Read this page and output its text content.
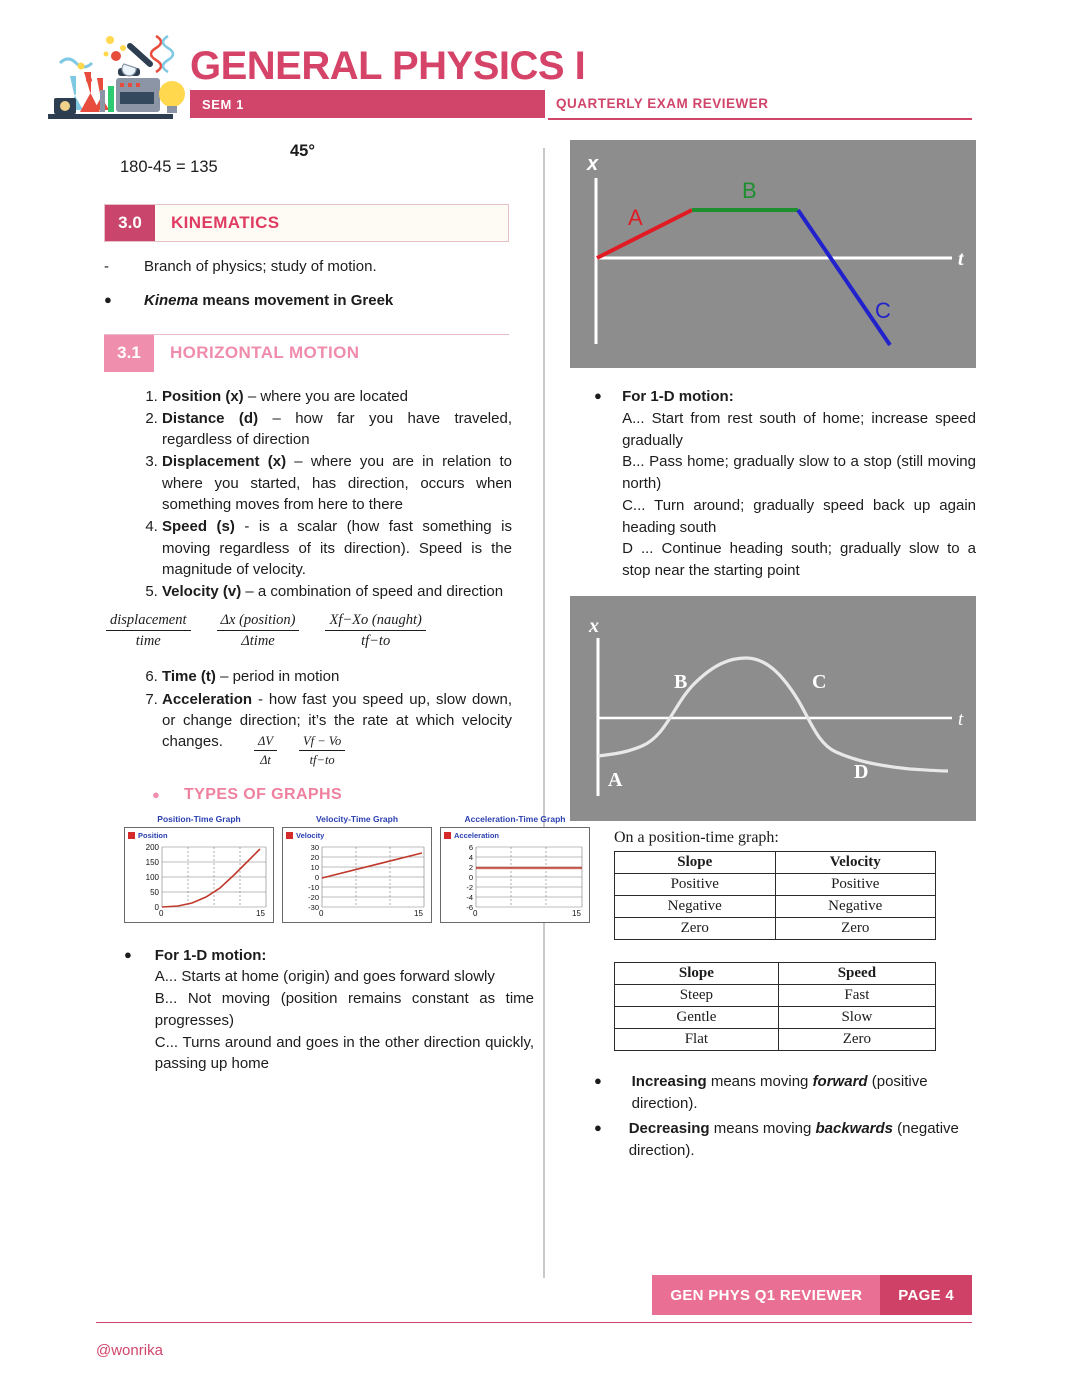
GENERAL PHYSICS I
SEM 1	QUARTERLY EXAM REVIEWER
180-45 = 135
45°
3.0	KINEMATICS
-	Branch of physics; study of motion.
●	Kinema means movement in Greek
3.1	HORIZONTAL MOTION
1. Position (x) – where you are located
2. Distance (d) – how far you have traveled, regardless of direction
3. Displacement (x) – where you are in relation to where you started, has direction, occurs when something moves from here to there
4. Speed (s) - is a scalar (how fast something is moving regardless of its direction). Speed is the magnitude of velocity.
5. Velocity (v) – a combination of speed and direction
$\frac{\text{displacement}}{\text{time}} \frac{\text{Δx (position)}}{\text{Δtime}} \frac{\text{Xf−Xo (naught)}}{tf-to}$
6. Time (t) – period in motion
7. Acceleration - how fast you speed up, slow down, or change direction; it’s the rate at which velocity changes.	$\frac{\Delta V}{\Delta t} \frac{Vf - Vo}{tf-to}$
●	TYPES OF GRAPHS
Position-Time Graph
Position
200
150
100
50
0
0	15
Velocity-Time Graph
Velocity
30
20
10
0
-10
-20
-30
0	15
Acceleration-Time Graph
Acceleration
6
4
2
0
-2
-4
-6
0	15
●	For 1-D motion:
A... Starts at home (origin) and goes forward slowly
B... Not moving (position remains constant as time progresses)
C... Turns around and goes in the other direction quickly, passing up home
x
t
A
B
C
●	For 1-D motion:
A... Start from rest south of home; increase speed gradually
B... Pass home; gradually slow to a stop (still moving north)
C... Turn around; gradually speed back up again heading south
D ... Continue heading south; gradually slow to a stop near the starting point
x
t
A
B	C
D
On a position-time graph:
Slope	Velocity
Positive	Positive
Negative	Negative
Zero	Zero
Slope	Speed
Steep	Fast
Gentle	Slow
Flat	Zero
●	Increasing means moving forward (positive direction).
●	Decreasing means moving backwards (negative direction).
GEN PHYS Q1 REVIEWER	PAGE 4
@wonrika
